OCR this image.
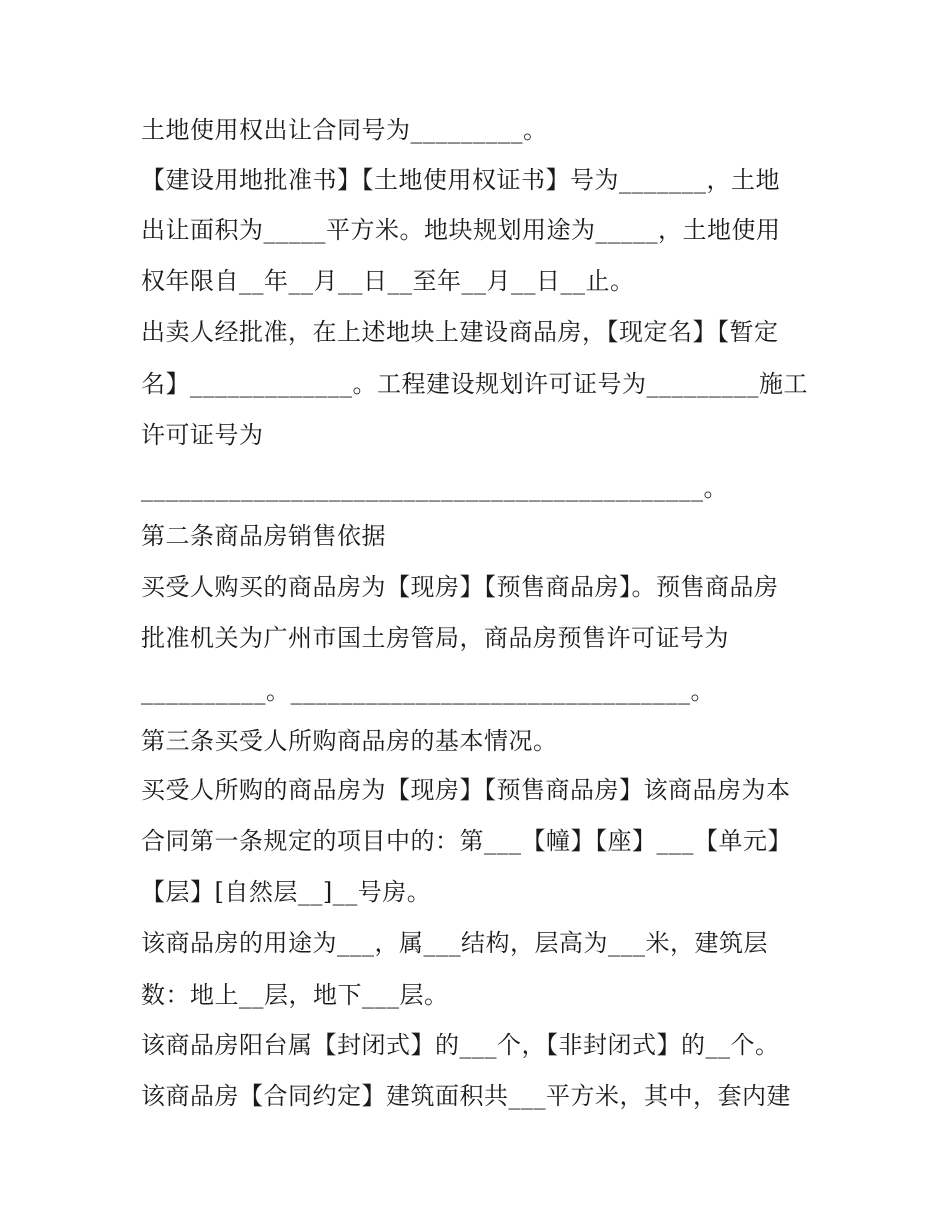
土地使用权出让合同号为_________。

【建设用地批准书】【土地使用权证书】号为_______，土地

出让面积为_____平方米。地块规划用途为_____，土地使用

权年限自__年__月__日__至年__月__日__止。

出卖人经批准，在上述地块上建设商品房，【现定名】【暂定

名】_____________。工程建设规划许可证号为_________施工

许可证号为

_____________________________________________。

第二条商品房销售依据

买受人购买的商品房为【现房】【预售商品房】。预售商品房

批准机关为广州市国土房管局，商品房预售许可证号为

__________。________________________________。

第三条买受人所购商品房的基本情况。

买受人所购的商品房为【现房】【预售商品房】该商品房为本

合同第一条规定的项目中的：第___【幢】【座】___【单元】

【层】[自然层__]__号房。

该商品房的用途为___，属___结构，层高为___米，建筑层

数：地上__层，地下___层。

该商品房阳台属【封闭式】的___个，【非封闭式】的__个。

该商品房【合同约定】建筑面积共___平方米，其中，套内建
